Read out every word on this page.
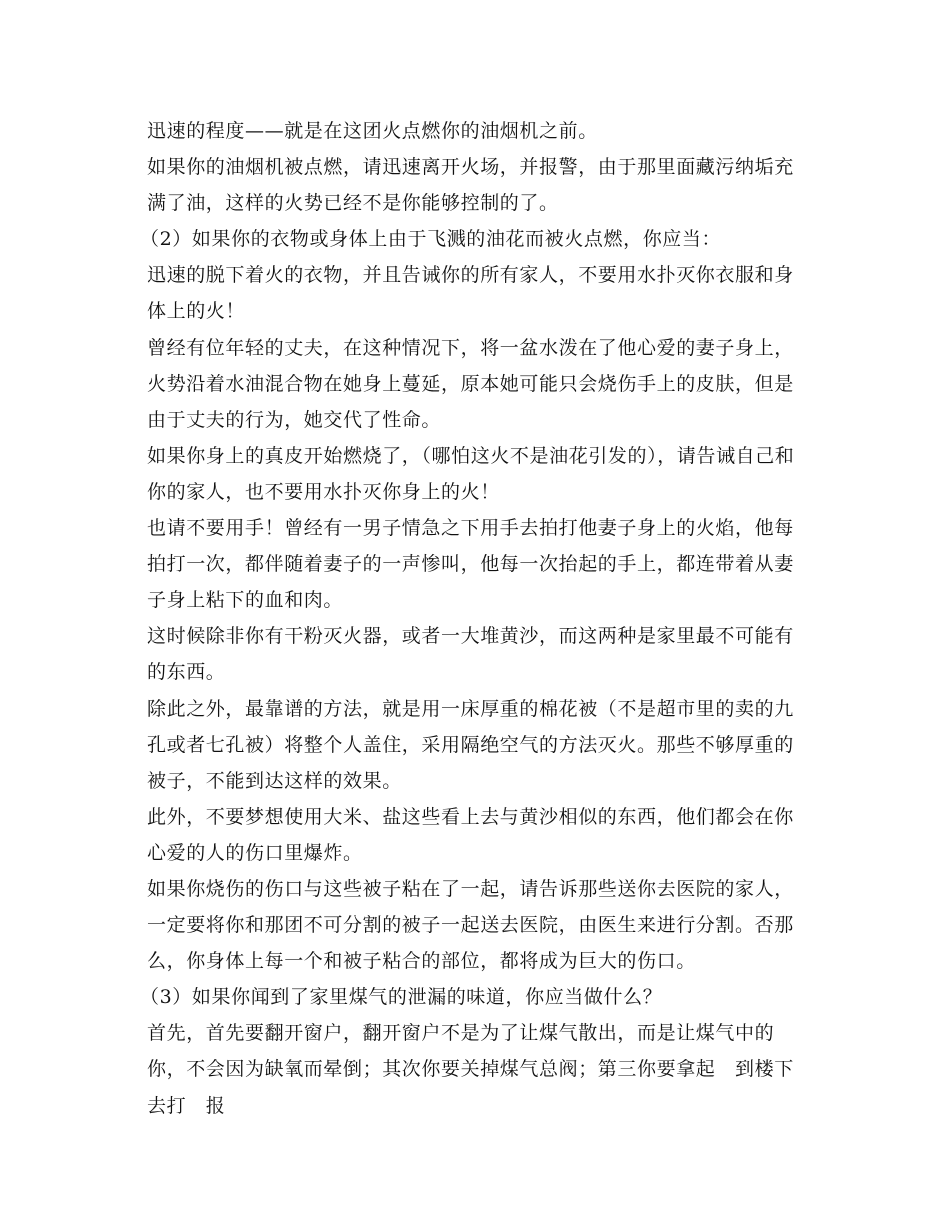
迅速的程度——就是在这团火点燃你的油烟机之前。

如果你的油烟机被点燃，请迅速离开火场，并报警，由于那里面藏污纳垢充满了油，这样的火势已经不是你能够控制的了。

（2）如果你的衣物或身体上由于飞溅的油花而被火点燃，你应当：

迅速的脱下着火的衣物，并且告诫你的所有家人，不要用水扑灭你衣服和身体上的火！

曾经有位年轻的丈夫，在这种情况下，将一盆水泼在了他心爱的妻子身上，火势沿着水油混合物在她身上蔓延，原本她可能只会烧伤手上的皮肤，但是由于丈夫的行为，她交代了性命。

如果你身上的真皮开始燃烧了，（哪怕这火不是油花引发的），请告诫自己和你的家人，也不要用水扑灭你身上的火！

也请不要用手！曾经有一男子情急之下用手去拍打他妻子身上的火焰，他每拍打一次，都伴随着妻子的一声惨叫，他每一次抬起的手上，都连带着从妻子身上粘下的血和肉。

这时候除非你有干粉灭火器，或者一大堆黄沙，而这两种是家里最不可能有的东西。

除此之外，最靠谱的方法，就是用一床厚重的棉花被（不是超市里的卖的九孔或者七孔被）将整个人盖住，采用隔绝空气的方法灭火。那些不够厚重的被子，不能到达这样的效果。

此外，不要梦想使用大米、盐这些看上去与黄沙相似的东西，他们都会在你心爱的人的伤口里爆炸。

如果你烧伤的伤口与这些被子粘在了一起，请告诉那些送你去医院的家人，一定要将你和那团不可分割的被子一起送去医院，由医生来进行分割。否那么，你身体上每一个和被子粘合的部位，都将成为巨大的伤口。

（3）如果你闻到了家里煤气的泄漏的味道，你应当做什么？

首先，首先要翻开窗户，翻开窗户不是为了让煤气散出，而是让煤气中的你，不会因为缺氧而晕倒；其次你要关掉煤气总阀；第三你要拿起　到楼下去打　报
